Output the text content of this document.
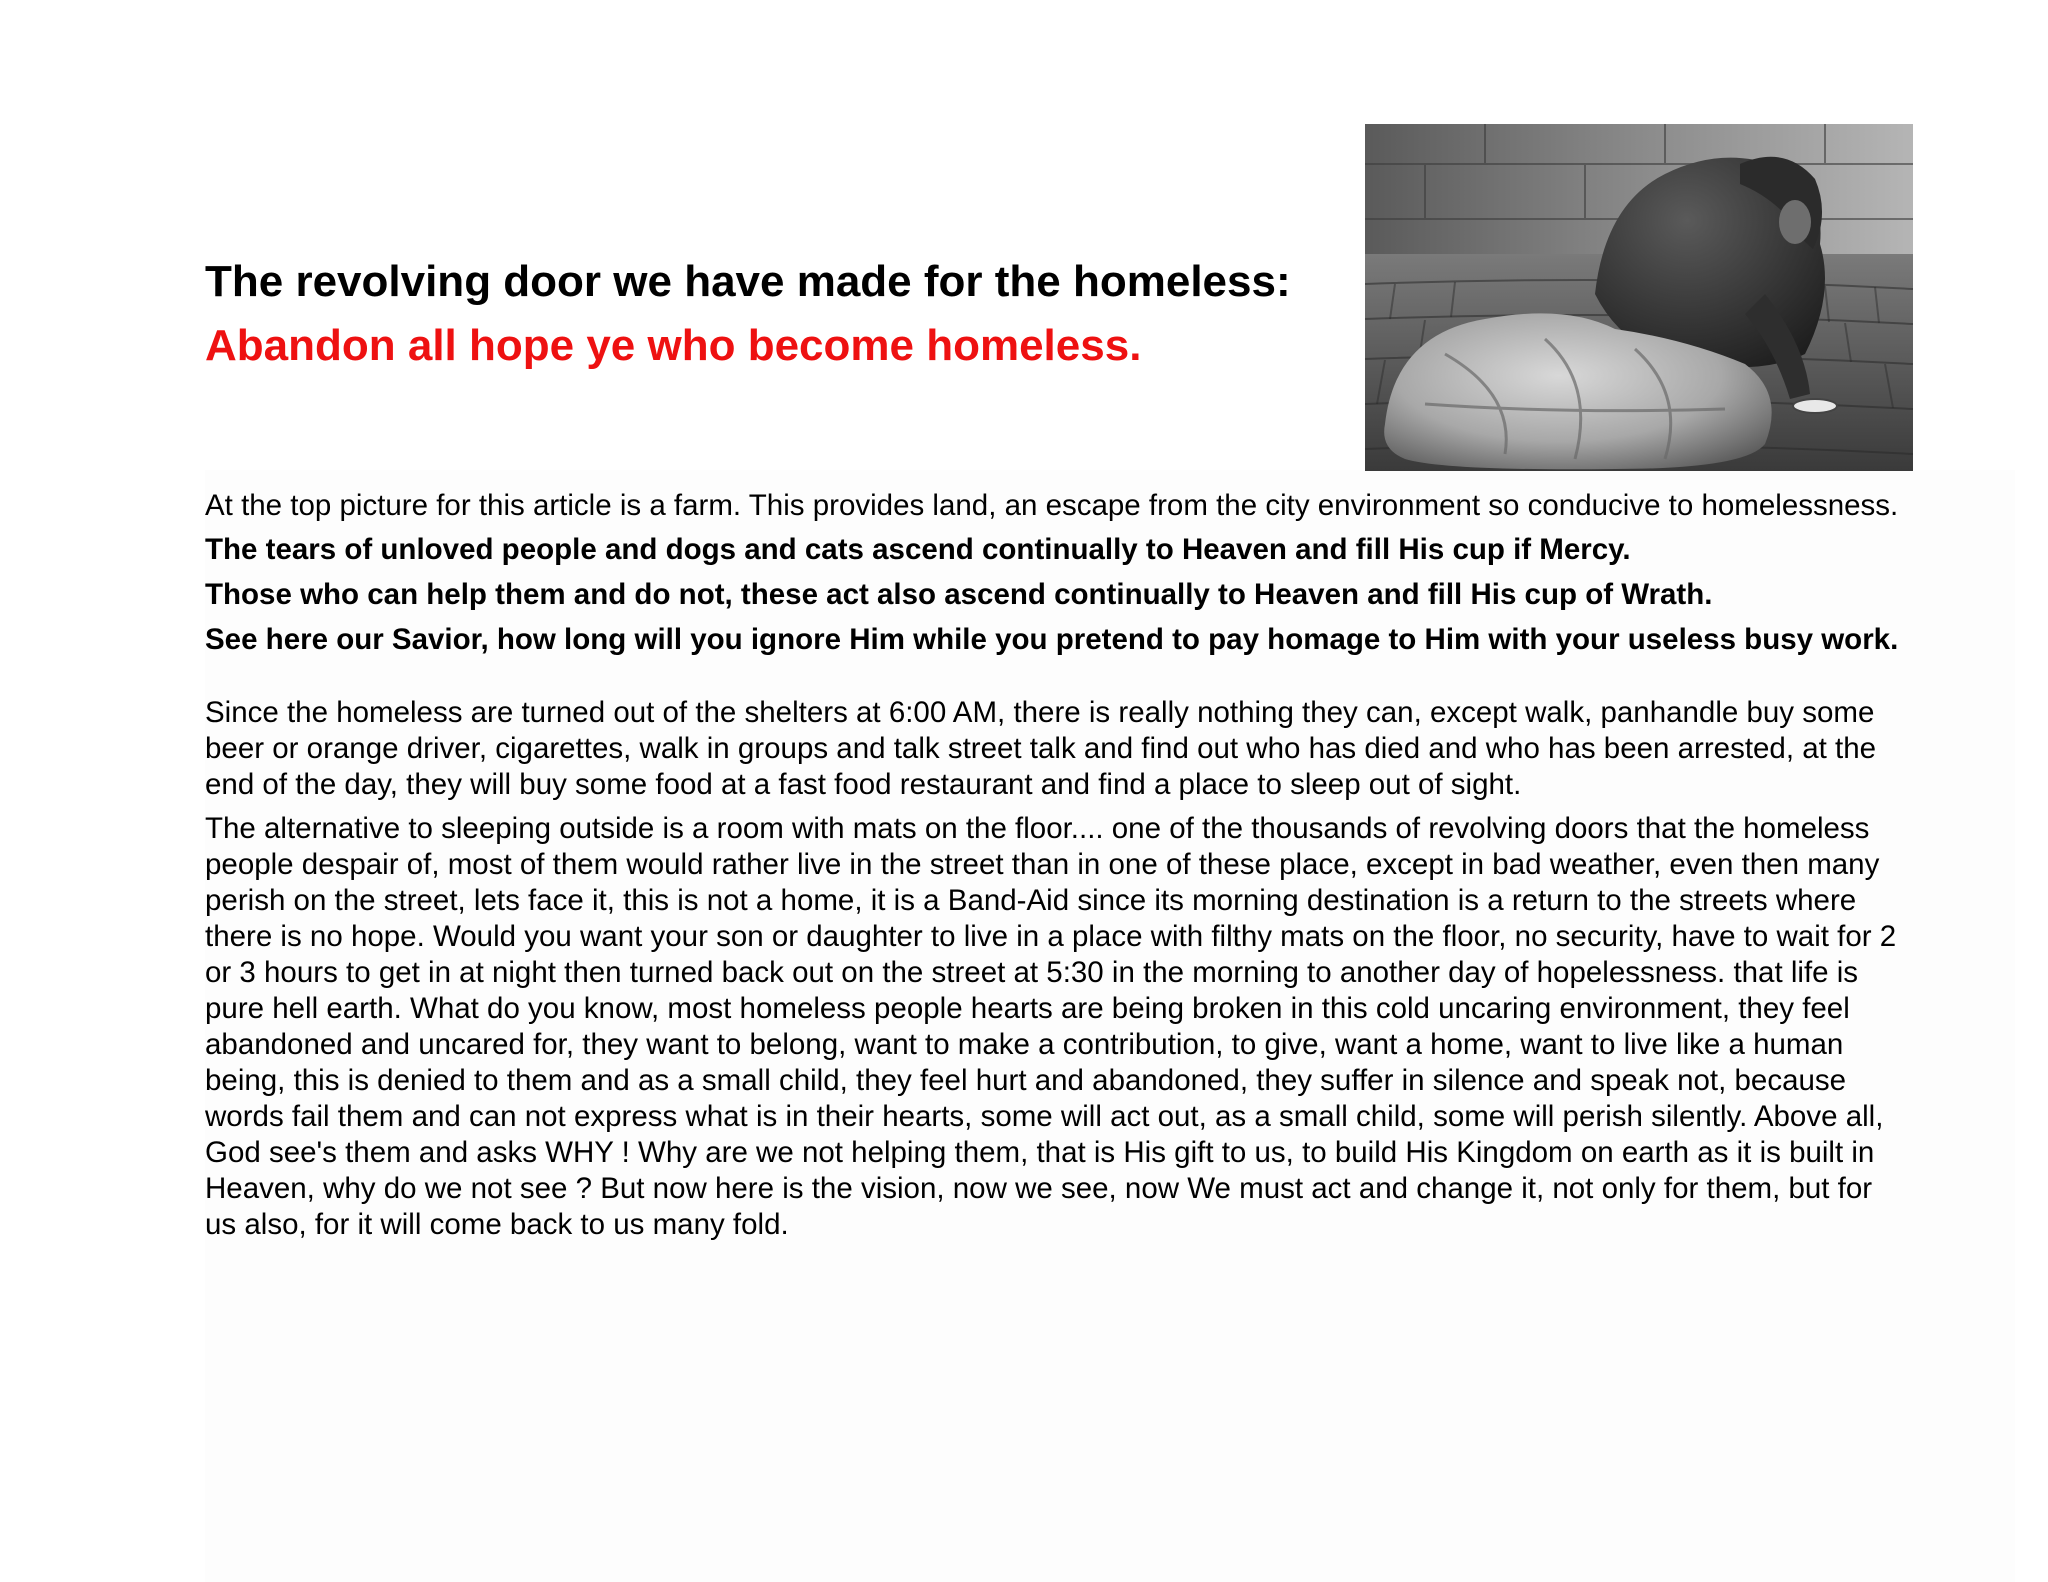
The revolving door we have made for the homeless:
Abandon all hope ye who become homeless.

At the top picture for this article is a farm. This provides land, an escape from the city environment so conducive to homelessness.

The tears of unloved people and dogs and cats ascend continually to Heaven and fill His cup if Mercy.

Those who can help them and do not, these act also ascend continually to Heaven and fill His cup of Wrath.

See here our Savior, how long will you ignore Him while you pretend to pay homage to Him with your useless busy work.

Since the homeless are turned out of the shelters at 6:00 AM, there is really nothing they can, except walk, panhandle buy some beer or orange driver, cigarettes, walk in groups and talk street talk and find out who has died and who has been arrested, at the end of the day, they will buy some food at a fast food restaurant and find a place to sleep out of sight.

The alternative to sleeping outside is a room with mats on the floor.... one of the thousands of revolving doors that the homeless people despair of, most of them would rather live in the street than in one of these place, except in bad weather, even then many perish on the street, lets face it, this is not a home, it is a Band-Aid since its morning destination is a return to the streets where there is no hope. Would you want your son or daughter to live in a place with filthy mats on the floor, no security, have to wait for 2 or 3 hours to get in at night then turned back out on the street at 5:30 in the morning to another day of hopelessness. that life is pure hell earth. What do you know, most homeless people hearts are being broken in this cold uncaring environment, they feel abandoned and uncared for, they want to belong, want to make a contribution, to give, want a home, want to live like a human being, this is denied to them and as a small child, they feel hurt and abandoned, they suffer in silence and speak not, because words fail them and can not express what is in their hearts, some will act out, as a small child, some will perish silently. Above all, God see's them and asks WHY ! Why are we not helping them, that is His gift to us, to build His Kingdom on earth as it is built in Heaven, why do we not see ? But now here is the vision, now we see, now We must act and change it, not only for them, but for us also, for it will come back to us many fold.
